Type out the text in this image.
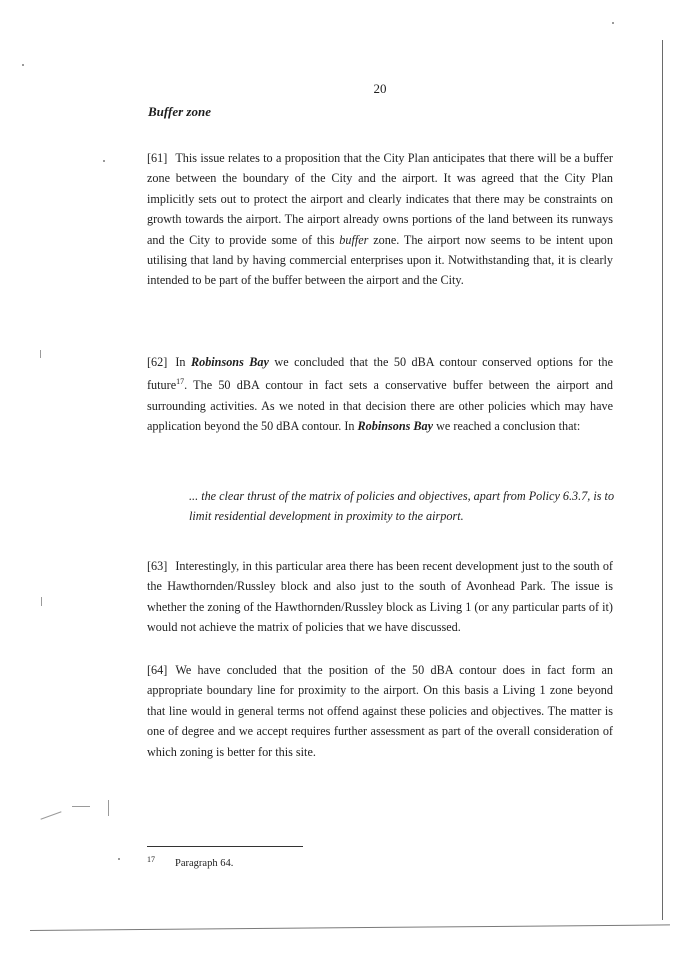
20
Buffer zone

[61] This issue relates to a proposition that the City Plan anticipates that there will be a buffer zone between the boundary of the City and the airport. It was agreed that the City Plan implicitly sets out to protect the airport and clearly indicates that there may be constraints on growth towards the airport. The airport already owns portions of the land between its runways and the City to provide some of this buffer zone. The airport now seems to be intent upon utilising that land by having commercial enterprises upon it. Notwithstanding that, it is clearly intended to be part of the buffer between the airport and the City.

[62] In Robinsons Bay we concluded that the 50 dBA contour conserved options for the future$^{17}$. The 50 dBA contour in fact sets a conservative buffer between the airport and surrounding activities. As we noted in that decision there are other policies which may have application beyond the 50 dBA contour. In Robinsons Bay we reached a conclusion that:

... the clear thrust of the matrix of policies and objectives, apart from Policy 6.3.7, is to limit residential development in proximity to the airport.

[63] Interestingly, in this particular area there has been recent development just to the south of the Hawthornden/Russley block and also just to the south of Avonhead Park. The issue is whether the zoning of the Hawthornden/Russley block as Living 1 (or any particular parts of it) would not achieve the matrix of policies that we have discussed.

[64] We have concluded that the position of the 50 dBA contour does in fact form an appropriate boundary line for proximity to the airport. On this basis a Living 1 zone beyond that line would in general terms not offend against these policies and objectives. The matter is one of degree and we accept requires further assessment as part of the overall consideration of which zoning is better for this site.

$^{17}$ Paragraph 64.
